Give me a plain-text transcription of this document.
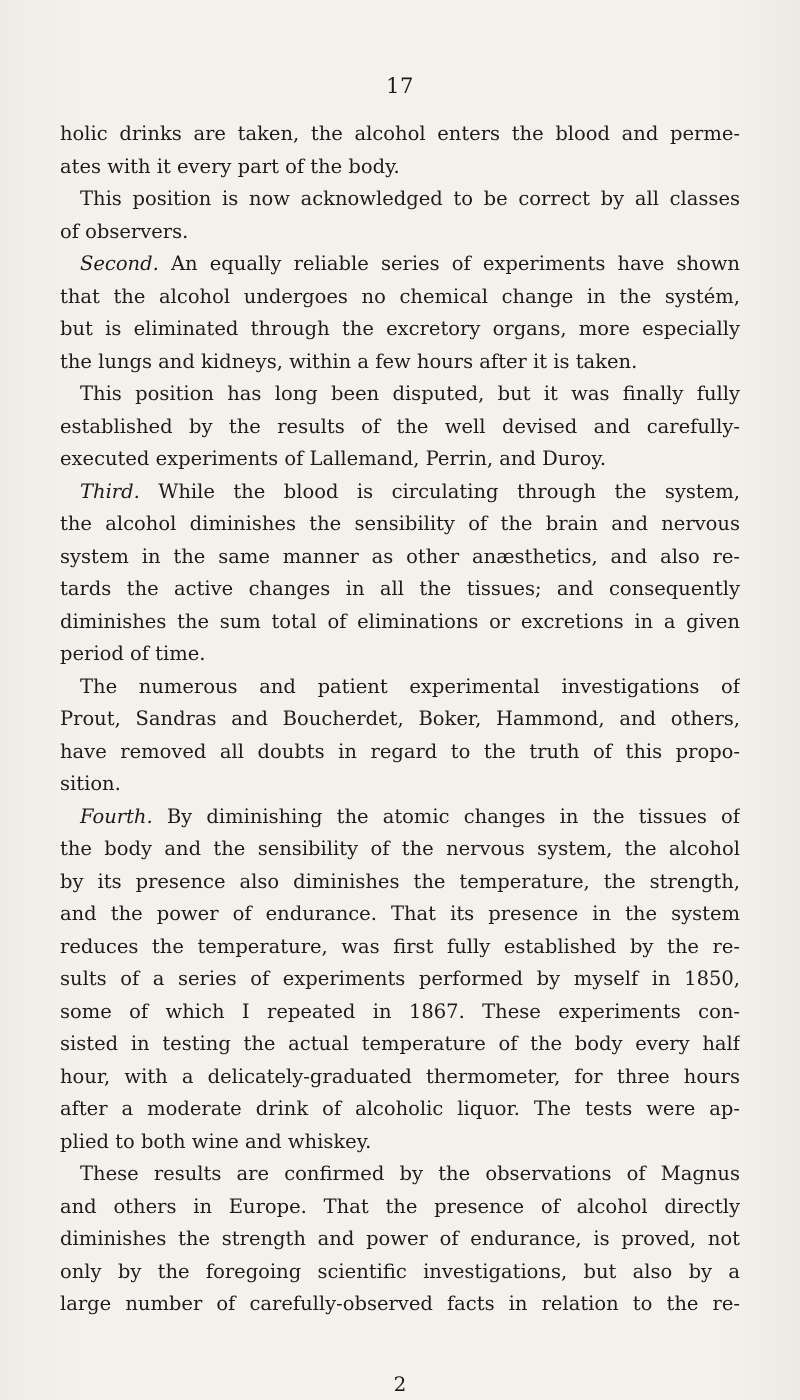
17
holic drinks are taken, the alcohol enters the blood and perme-
ates with it every part of the body.
This position is now acknowledged to be correct by all classes
of observers.
Second. An equally reliable series of experiments have shown
that the alcohol undergoes no chemical change in the systém,
but is eliminated through the excretory organs, more especially
the lungs and kidneys, within a few hours after it is taken.
This position has long been disputed, but it was finally fully
established by the results of the well devised and carefully-
executed experiments of Lallemand, Perrin, and Duroy.
Third. While the blood is circulating through the system,
the alcohol diminishes the sensibility of the brain and nervous
system in the same manner as other anæsthetics, and also re-
tards the active changes in all the tissues; and consequently
diminishes the sum total of eliminations or excretions in a given
period of time.
The numerous and patient experimental investigations of
Prout, Sandras and Boucherdet, Boker, Hammond, and others,
have removed all doubts in regard to the truth of this propo-
sition.
Fourth. By diminishing the atomic changes in the tissues of
the body and the sensibility of the nervous system, the alcohol
by its presence also diminishes the temperature, the strength,
and the power of endurance. That its presence in the system
reduces the temperature, was first fully established by the re-
sults of a series of experiments performed by myself in 1850,
some of which I repeated in 1867. These experiments con-
sisted in testing the actual temperature of the body every half
hour, with a delicately-graduated thermometer, for three hours
after a moderate drink of alcoholic liquor. The tests were ap-
plied to both wine and whiskey.
These results are confirmed by the observations of Magnus
and others in Europe. That the presence of alcohol directly
diminishes the strength and power of endurance, is proved, not
only by the foregoing scientific investigations, but also by a
large number of carefully-observed facts in relation to the re-
2
